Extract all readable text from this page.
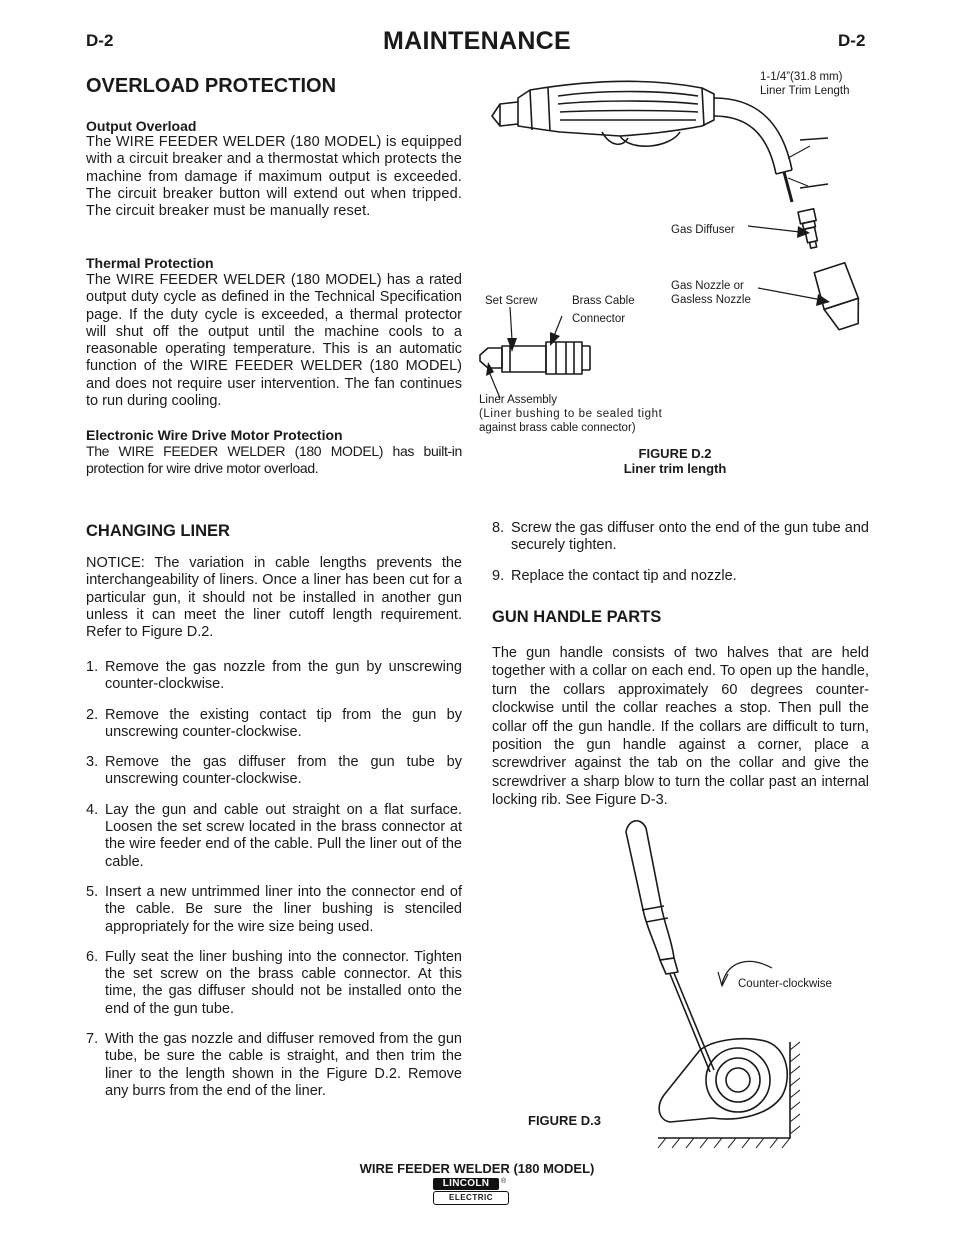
D-2	MAINTENANCE	D-2
OVERLOAD PROTECTION
Output Overload

The WIRE FEEDER WELDER (180 MODEL) is equipped with a circuit breaker and a thermostat which protects the machine from damage if maximum output is exceeded. The circuit breaker button will extend out when tripped. The circuit breaker must be manually reset.

Thermal Protection

The WIRE FEEDER WELDER (180 MODEL) has a rated output duty cycle as defined in the Technical Specification page. If the duty cycle is exceeded, a thermal protector will shut off the output until the machine cools to a reasonable operating temperature. This is an automatic function of the WIRE FEEDER WELDER (180 MODEL) and does not require user intervention. The fan continues to run during cooling.

Electronic Wire Drive Motor Protection

The WIRE FEEDER WELDER (180 MODEL) has built-in protection for wire drive motor overload.

1-1/4”(31.8 mm)
Liner Trim Length
Gas Diffuser
Gas Nozzle or
Gasless Nozzle
Set Screw	Brass Cable
Connector
Liner Assembly
(Liner bushing to be sealed tight
against brass cable connector)
FIGURE D.2
Liner trim length
CHANGING LINER

NOTICE: The variation in cable lengths prevents the interchangeability of liners. Once a liner has been cut for a particular gun, it should not be installed in another gun unless it can meet the liner cutoff length requirement. Refer to Figure D.2.

1. Remove the gas nozzle from the gun by unscrewing counter-clockwise.
2. Remove the existing contact tip from the gun by unscrewing counter-clockwise.
3. Remove the gas diffuser from the gun tube by unscrewing counter-clockwise.
4. Lay the gun and cable out straight on a flat surface. Loosen the set screw located in the brass connector at the wire feeder end of the cable. Pull the liner out of the cable.
5. Insert a new untrimmed liner into the connector end of the cable. Be sure the liner bushing is stenciled appropriately for the wire size being used.
6. Fully seat the liner bushing into the connector. Tighten the set screw on the brass cable connector. At this time, the gas diffuser should not be installed onto the end of the gun tube.
7. With the gas nozzle and diffuser removed from the gun tube, be sure the cable is straight, and then trim the liner to the length shown in the Figure D.2. Remove any burrs from the end of the liner.
8. Screw the gas diffuser onto the end of the gun tube and securely tighten.
9. Replace the contact tip and nozzle.
GUN HANDLE PARTS

The gun handle consists of two halves that are held together with a collar on each end. To open up the handle, turn the collars approximately 60 degrees counter-clockwise until the collar reaches a stop. Then pull the collar off the gun handle. If the collars are difficult to turn, position the gun handle against a corner, place a screwdriver against the tab on the collar and give the screwdriver a sharp blow to turn the collar past an internal locking rib. See Figure D-3.

Counter-clockwise
FIGURE D.3
WIRE FEEDER WELDER (180 MODEL)
LINCOLN	®
ELECTRIC
